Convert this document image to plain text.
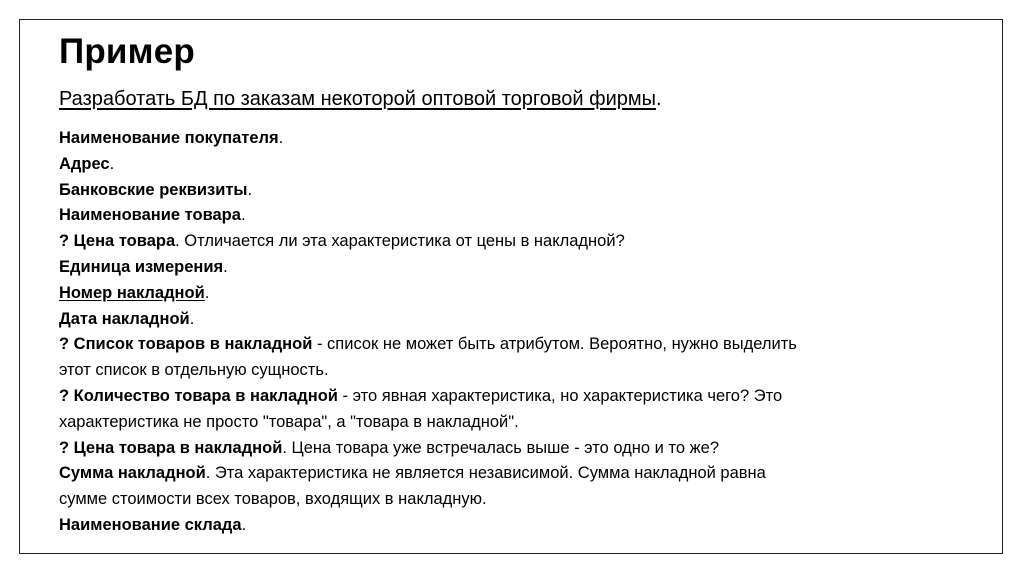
Пример
Разработать БД по заказам некоторой оптовой торговой фирмы.
Наименование покупателя.
Адрес.
Банковские реквизиты.
Наименование товара.
? Цена товара. Отличается ли эта характеристика от цены в накладной?
Единица измерения.
Номер накладной.
Дата накладной.
? Список товаров в накладной - список не может быть атрибутом. Вероятно, нужно выделить
этот список в отдельную сущность.
? Количество товара в накладной - это явная характеристика, но характеристика чего? Это
характеристика не просто "товара", а "товара в накладной".
? Цена товара в накладной. Цена товара уже встречалась выше - это одно и то же?
Сумма накладной. Эта характеристика не является независимой. Сумма накладной равна
сумме стоимости всех товаров, входящих в накладную.
Наименование склада.
